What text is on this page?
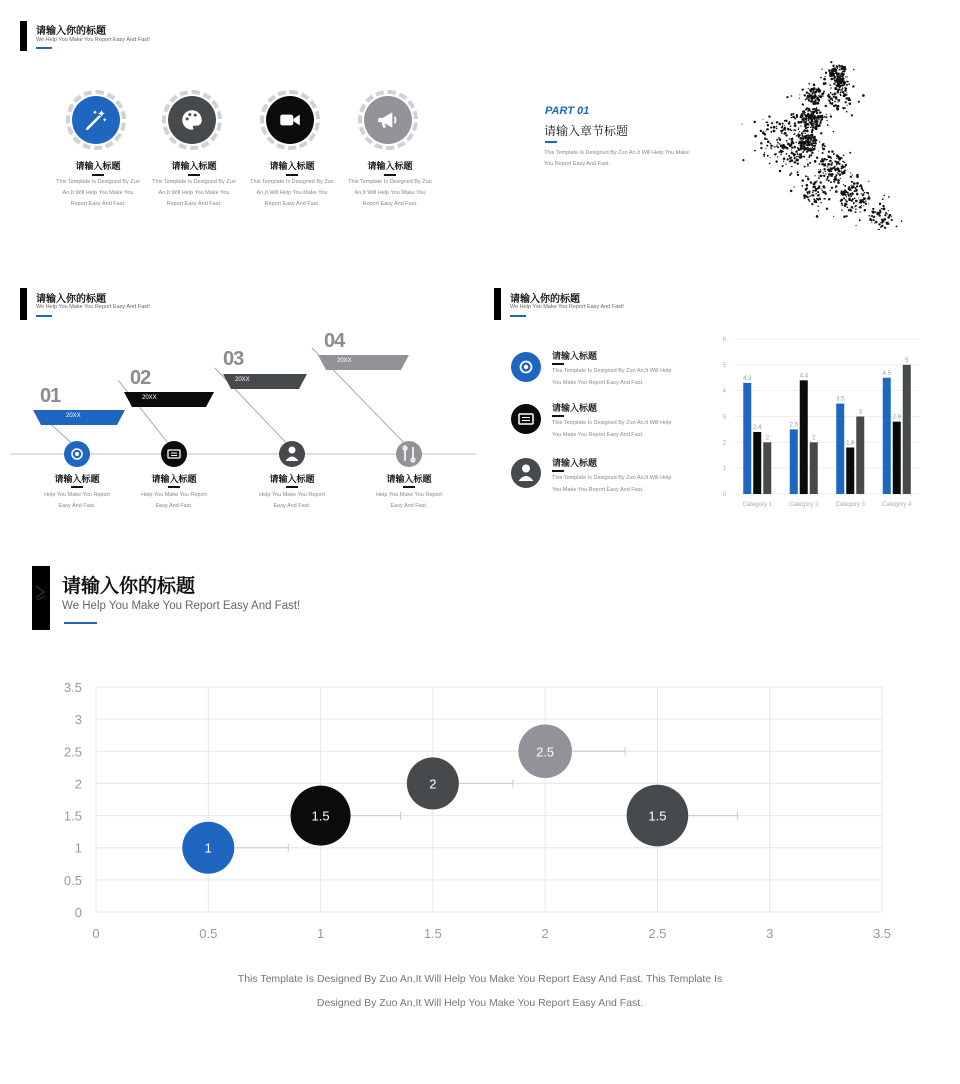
请输入你的标题
We Help You Make You Report Easy And Fast!
请输入标题
This Template Is Designed By Zuo
An,It Will Help You Make You
Report Easy And Fast.
请输入标题
This Template Is Designed By Zuo
An,It Will Help You Make You
Report Easy And Fast.
请输入标题
This Template Is Designed By Zuo
An,It Will Help You Make You
Report Easy And Fast.
请输入标题
This Template Is Designed By Zuo
An,It Will Help You Make You
Report Easy And Fast.
PART 01
请输入章节标题
This Template Is Designed By Zuo An,It Will Help You Make
You Report Easy And Fast.
请输入你的标题
We Help You Make You Report Easy And Fast!
01
02
03
04
20XX
20XX
20XX
20XX
请输入标题	请输入标题	请输入标题	请输入标题
Help You Make You Report
Easy And Fast.
Help You Make You Report
Easy And Fast.
Help You Make You Report
Easy And Fast.
Help You Make You Report
Easy And Fast.
请输入你的标题
We Help You Make You Report Easy And Fast!
请输入标题
This Template Is Designed By Zuo An,It Will Help
You Make You Report Easy And Fast.
请输入标题
This Template Is Designed By Zuo An,It Will Help
You Make You Report Easy And Fast.
请输入标题
This Template Is Designed By Zuo An,It Will Help
You Make You Report Easy And Fast.
0
1
2
3
4
5
6
Category 1
4.3
2.4
2
Category 2
2.5
4.4
2
Category 3
3.5
1.8
3
Category 4
4.5
2.8
5
请输入你的标题
We Help You Make You Report Easy And Fast!
0
0.5
1
1.5
2
2.5
3
3.5
0	0.5	1	1.5	2	2.5	3	3.5
1
1.5
2
2.5
1.5
This Template Is Designed By Zuo An,It Will Help You Make You Report Easy And Fast. This Template Is
Designed By Zuo An,It Will Help You Make You Report Easy And Fast.
